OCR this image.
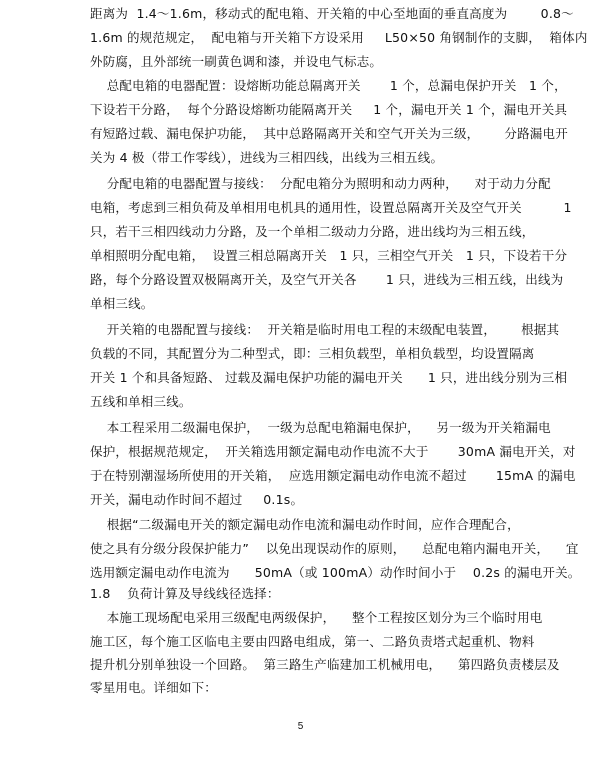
距离为  1.4～1.6m，移动式的配电箱、开关箱的中心至地面的垂直高度为        0.8～
1.6m 的规范规定，  配电箱与开关箱下方设采用     L50×50 角钢制作的支脚，  箱体内
外防腐，且外部统一刷黄色调和漆，并设电气标志。
总配电箱的电器配置：设熔断功能总隔离开关       1 个，总漏电保护开关   1 个，
下设若干分路，  每个分路设熔断功能隔离开关     1 个，漏电开关 1 个，漏电开关具
有短路过载、漏电保护功能，  其中总路隔离开关和空气开关为三级，      分路漏电开
关为 4 极（带工作零线），进线为三相四线，出线为三相五线。
分配电箱的电器配置与接线：  分配电箱分为照明和动力两种，    对于动力分配
电箱，考虑到三相负荷及单相用电机具的通用性，设置总隔离开关及空气开关          1
只，若干三相四线动力分路，及一个单相二级动力分路，进出线均为三相五线，
单相照明分配电箱，  设置三相总隔离开关   1 只，三相空气开关   1 只，下设若干分
路，每个分路设置双极隔离开关，及空气开关各       1 只，进线为三相五线，出线为
单相三线。
开关箱的电器配置与接线：  开关箱是临时用电工程的末级配电装置，      根据其
负载的不同，其配置分为二种型式，即：三相负载型，单相负载型，均设置隔离
开关 1 个和具备短路、 过载及漏电保护功能的漏电开关      1 只，进出线分别为三相
五线和单相三线。
本工程采用二级漏电保护，  一级为总配电箱漏电保护，    另一级为开关箱漏电
保护，根据规范规定，  开关箱选用额定漏电动作电流不大于       30mA 漏电开关，对
于在特别潮湿场所使用的开关箱，  应选用额定漏电动作电流不超过       15mA 的漏电
开关，漏电动作时间不超过     0.1s。
根据“二级漏电开关的额定漏电动作电流和漏电动作时间，应作合理配合，
使之具有分级分段保护能力”    以免出现误动作的原则，    总配电箱内漏电开关，    宜
选用额定漏电动作电流为      50mA（或 100mA）动作时间小于    0.2s 的漏电开关。
1.8    负荷计算及导线线径选择：
本施工现场配电采用三级配电两级保护，    整个工程按区划分为三个临时用电
施工区，每个施工区临电主要由四路电组成，第一、二路负责塔式起重机、物料
提升机分别单独设一个回路。  第三路生产临建加工机械用电，    第四路负责楼层及
零星用电。详细如下：
5
